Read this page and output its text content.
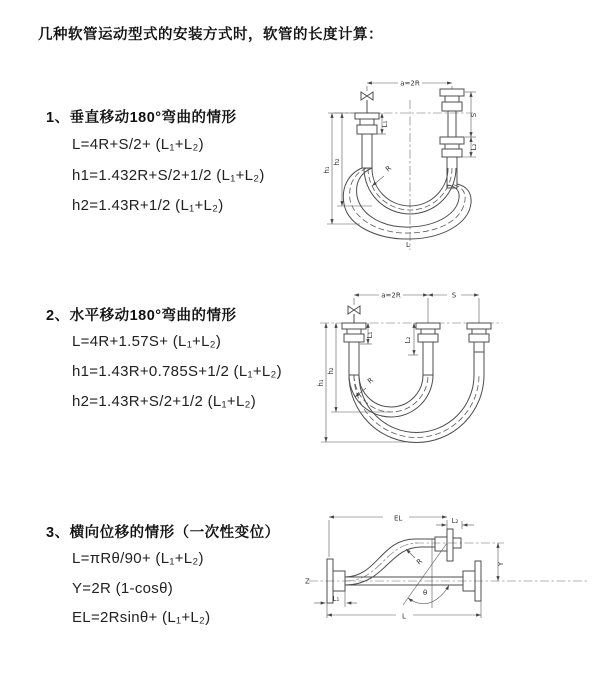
几种软管运动型式的安装方式时，软管的长度计算：
1、垂直移动180°弯曲的情形
L=4R+S/2+ (L₁+L₂)
h1=1.432R+S/2+1/2 (L₁+L₂)
h2=1.43R+1/2 (L₁+L₂)
2、水平移动180°弯曲的情形
L=4R+1.57S+ (L₁+L₂)
h1=1.43R+0.785S+1/2 (L₁+L₂)
h2=1.43R+S/2+1/2 (L₁+L₂)
3、横向位移的情形（一次性变位）
L=πRθ/90+ (L₁+L₂)
Y=2R (1-cosθ)
EL=2Rsinθ+ (L₁+L₂)
a=2R
h₁
h₂
L₁
S
L₂
R
L
a=2R	S
h₁
h₂
L₁
L₂
R
EL	L₂
Z
θ
R	Y
L₁
L
